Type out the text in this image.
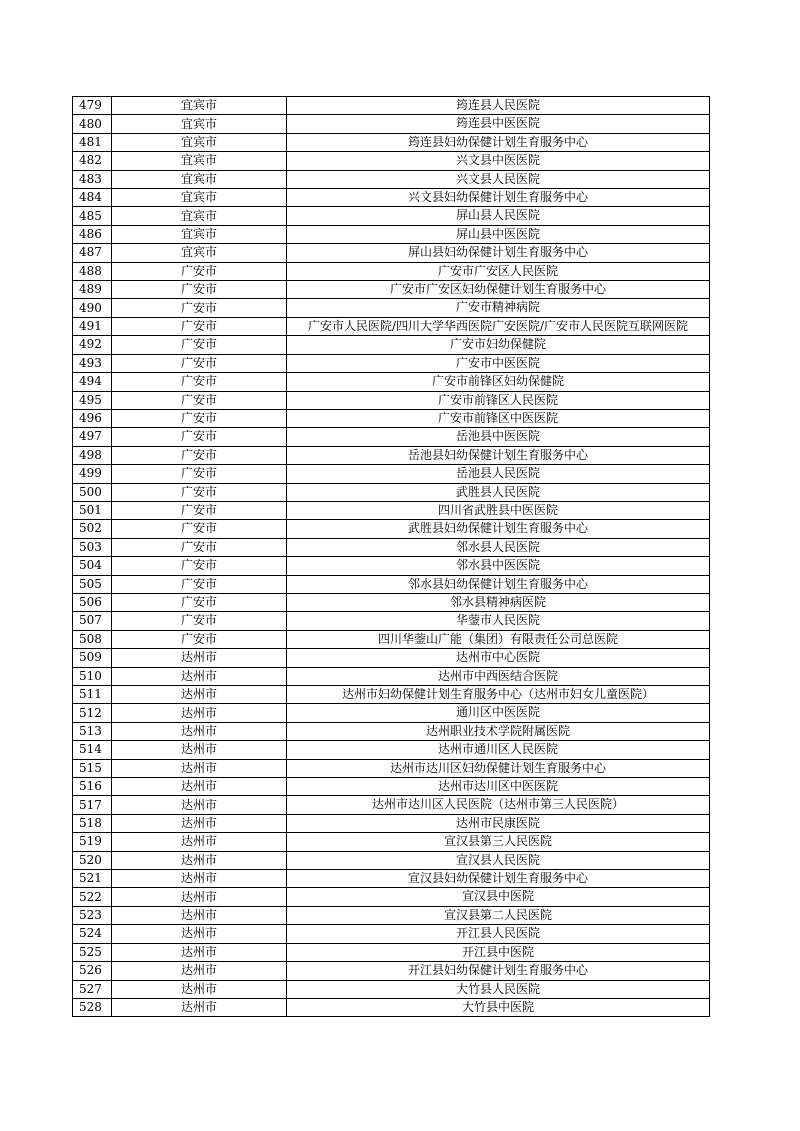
479	宜宾市	筠连县人民医院
480	宜宾市	筠连县中医医院
481	宜宾市	筠连县妇幼保健计划生育服务中心
482	宜宾市	兴文县中医医院
483	宜宾市	兴文县人民医院
484	宜宾市	兴文县妇幼保健计划生育服务中心
485	宜宾市	屏山县人民医院
486	宜宾市	屏山县中医医院
487	宜宾市	屏山县妇幼保健计划生育服务中心
488	广安市	广安市广安区人民医院
489	广安市	广安市广安区妇幼保健计划生育服务中心
490	广安市	广安市精神病院
491	广安市	广安市人民医院/四川大学华西医院广安医院/广安市人民医院互联网医院
492	广安市	广安市妇幼保健院
493	广安市	广安市中医医院
494	广安市	广安市前锋区妇幼保健院
495	广安市	广安市前锋区人民医院
496	广安市	广安市前锋区中医医院
497	广安市	岳池县中医医院
498	广安市	岳池县妇幼保健计划生育服务中心
499	广安市	岳池县人民医院
500	广安市	武胜县人民医院
501	广安市	四川省武胜县中医医院
502	广安市	武胜县妇幼保健计划生育服务中心
503	广安市	邻水县人民医院
504	广安市	邻水县中医医院
505	广安市	邻水县妇幼保健计划生育服务中心
506	广安市	邻水县精神病医院
507	广安市	华蓥市人民医院
508	广安市	四川华蓥山广能（集团）有限责任公司总医院
509	达州市	达州市中心医院
510	达州市	达州市中西医结合医院
511	达州市	达州市妇幼保健计划生育服务中心（达州市妇女儿童医院）
512	达州市	通川区中医医院
513	达州市	达州职业技术学院附属医院
514	达州市	达州市通川区人民医院
515	达州市	达州市达川区妇幼保健计划生育服务中心
516	达州市	达州市达川区中医医院
517	达州市	达州市达川区人民医院（达州市第三人民医院）
518	达州市	达州市民康医院
519	达州市	宣汉县第三人民医院
520	达州市	宣汉县人民医院
521	达州市	宣汉县妇幼保健计划生育服务中心
522	达州市	宣汉县中医院
523	达州市	宣汉县第二人民医院
524	达州市	开江县人民医院
525	达州市	开江县中医院
526	达州市	开江县妇幼保健计划生育服务中心
527	达州市	大竹县人民医院
528	达州市	大竹县中医院
